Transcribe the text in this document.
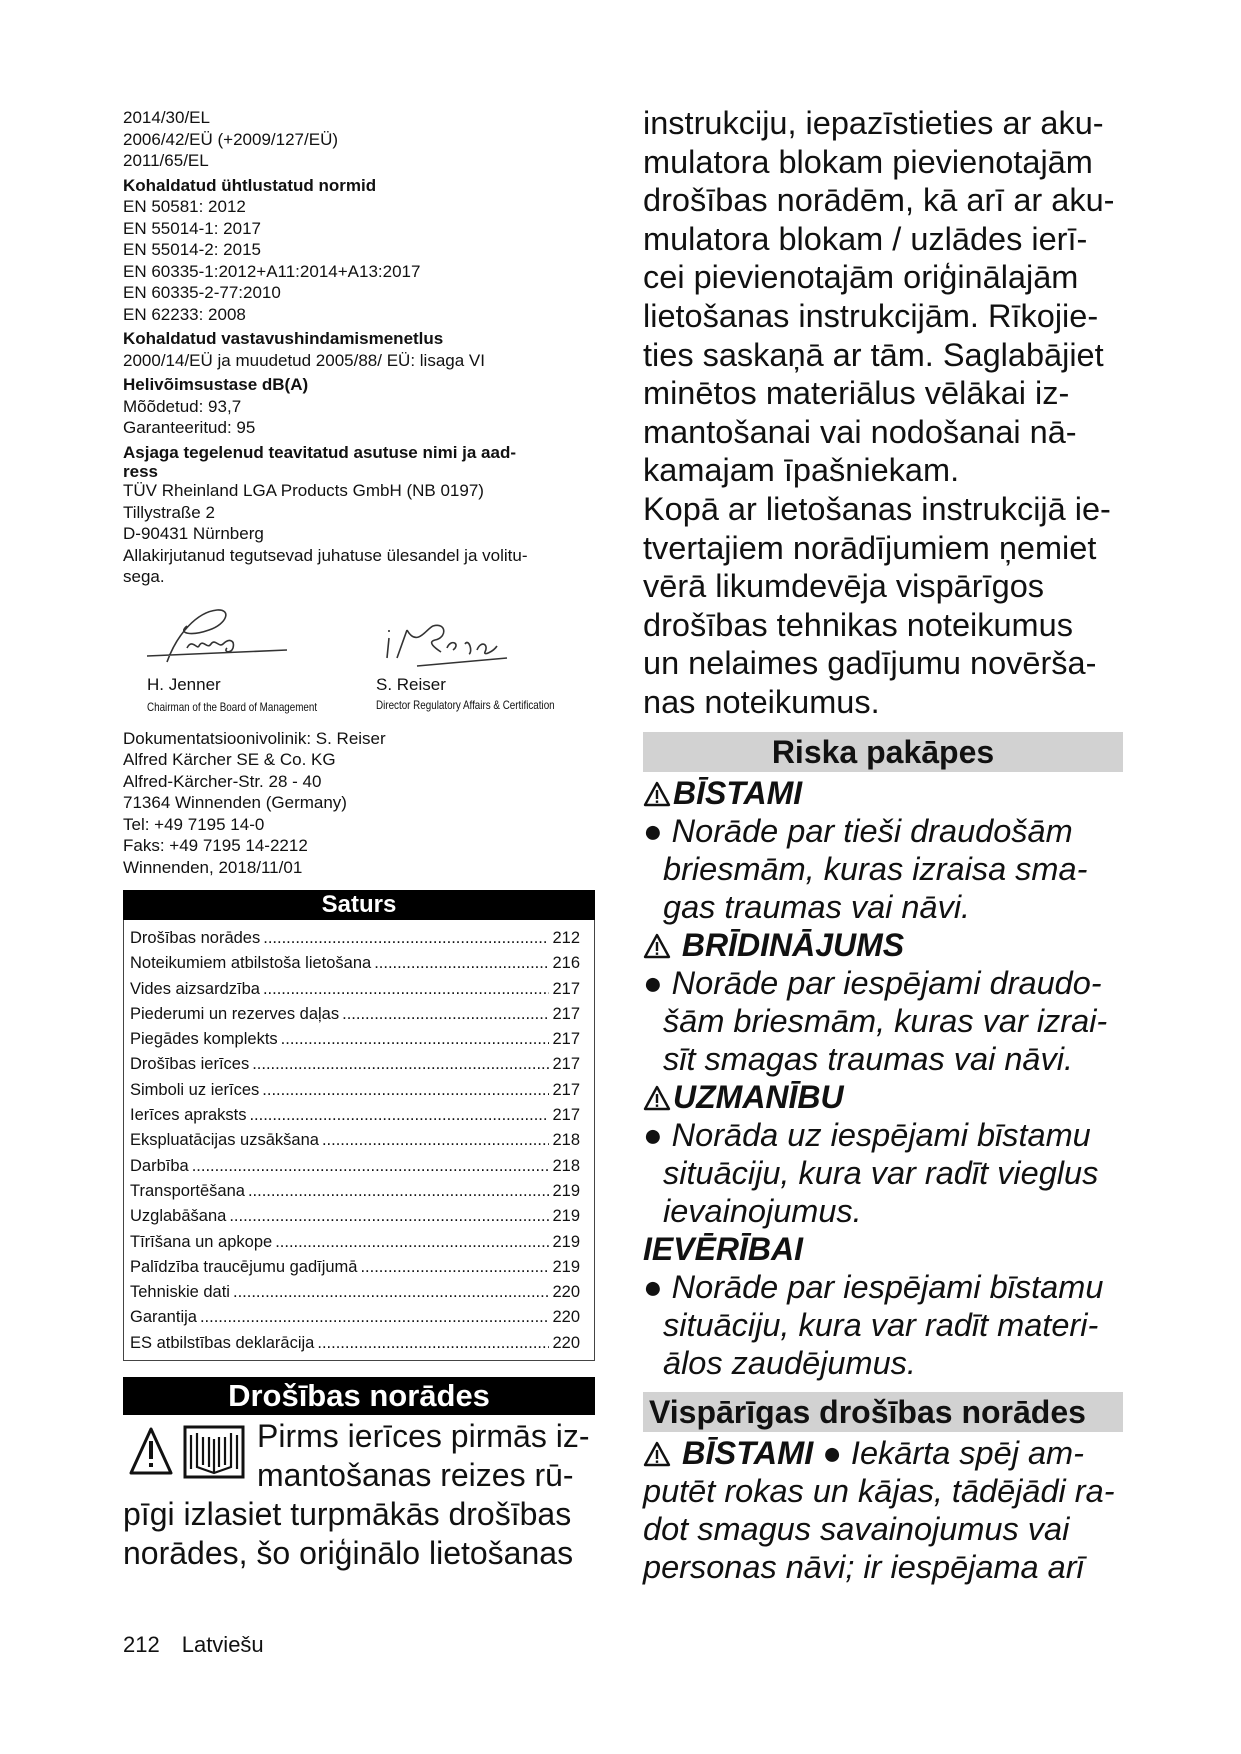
2014/30/EL
2006/42/EÜ (+2009/127/EÜ)
2011/65/EL
Kohaldatud ühtlustatud normid
EN 50581: 2012
EN 55014-1: 2017
EN 55014-2: 2015
EN 60335-1:2012+A11:2014+A13:2017
EN 60335-2-77:2010
EN 62233: 2008
Kohaldatud vastavushindamismenetlus
2000/14/EÜ ja muudetud 2005/88/ EÜ: lisaga VI
Helivõimsustase dB(A)
Mõõdetud: 93,7
Garanteeritud: 95
Asjaga tegelenud teavitatud asutuse nimi ja aad-
ress
TÜV Rheinland LGA Products GmbH (NB 0197)
Tillystraße 2
D-90431 Nürnberg
Allakirjutanud tegutsevad juhatuse ülesandel ja volitu-
sega.
H. Jenner
Chairman of the Board of Management
S. Reiser
Director Regulatory Affairs & Certification
Dokumentatsioonivolinik: S. Reiser
Alfred Kärcher SE & Co. KG
Alfred-Kärcher-Str. 28 - 40
71364 Winnenden (Germany)
Tel: +49 7195 14-0
Faks: +49 7195 14-2212
Winnenden, 2018/11/01
Saturs
Drošības norādes .....	212
Noteikumiem atbilstoša lietošana .....	216
Vides aizsardzība .....	217
Piederumi un rezerves daļas .....	217
Piegādes komplekts .....	217
Drošības ierīces .....	217
Simboli uz ierīces .....	217
Ierīces apraksts .....	217
Ekspluatācijas uzsākšana .....	218
Darbība .....	218
Transportēšana .....	219
Uzglabāšana .....	219
Tīrīšana un apkope .....	219
Palīdzība traucējumu gadījumā .....	219
Tehniskie dati .....	220
Garantija .....	220
ES atbilstības deklarācija .....	220
Drošības norādes
Pirms ierīces pirmās iz-
mantošanas reizes rū-
pīgi izlasiet turpmākās drošības
norādes, šo oriģinālo lietošanas
212 Latviešu
instrukciju, iepazīstieties ar aku-
mulatora blokam pievienotajām
drošības norādēm, kā arī ar aku-
mulatora blokam / uzlādes ierī-
cei pievienotajām oriģinālajām
lietošanas instrukcijām. Rīkojie-
ties saskaņā ar tām. Saglabājiet
minētos materiālus vēlākai iz-
mantošanai vai nodošanai nā-
kamajam īpašniekam.
Kopā ar lietošanas instrukcijā ie-
tvertajiem norādījumiem ņemiet
vērā likumdevēja vispārīgos
drošības tehnikas noteikumus
un nelaimes gadījumu novērša-
nas noteikumus.
Riska pakāpes
BĪSTAMI
● Norāde par tieši draudošām
briesmām, kuras izraisa sma-
gas traumas vai nāvi.
BRĪDINĀJUMS
● Norāde par iespējami draudo-
šām briesmām, kuras var izrai-
sīt smagas traumas vai nāvi.
UZMANĪBU
● Norāda uz iespējami bīstamu
situāciju, kura var radīt vieglus
ievainojumus.
IEVĒRĪBAI
● Norāde par iespējami bīstamu
situāciju, kura var radīt materi-
ālos zaudējumus.
Vispārīgas drošības norādes
BĪSTAMI ● Iekārta spēj am-
putēt rokas un kājas, tādējādi ra-
dot smagus savainojumus vai
personas nāvi; ir iespējama arī
